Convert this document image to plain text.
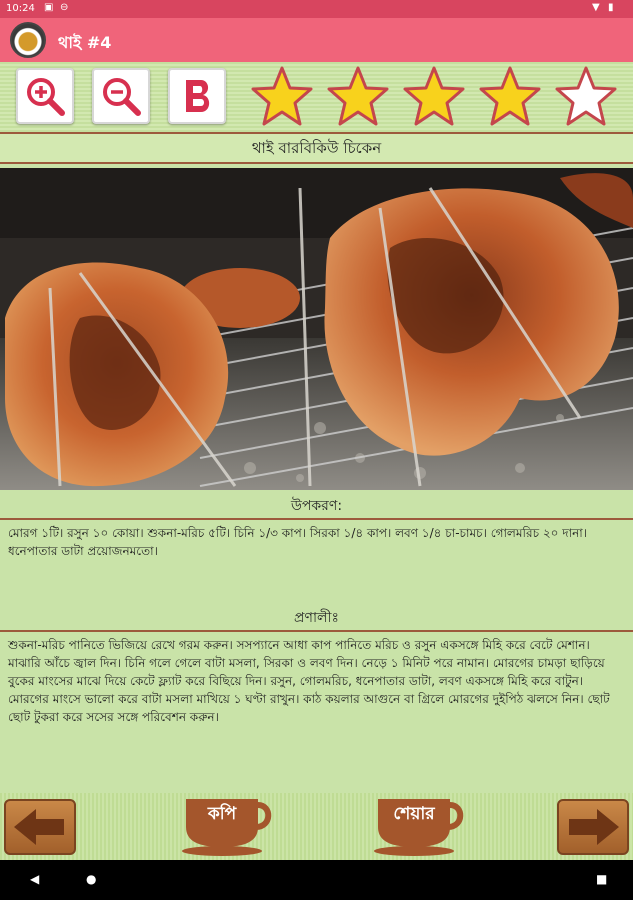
10:24 ▣ ⊖	▼ ▮
থাই #4
থাই বারবিকিউ চিকেন
উপকরণ:
মোরগ ১টি। রসুন ১০ কোয়া। শুকনা-মরিচ ৫টি। চিনি ১/৩ কাপ। সিরকা ১/৪ কাপ। লবণ ১/৪ চা-চামচ। গোলমরিচ ২০ দানা। ধনেপাতার ডাটা প্রয়োজনমতো।
প্রণালীঃ
শুকনা-মরিচ পানিতে ভিজিয়ে রেখে গরম করুন। সসপ্যানে আধা কাপ পানিতে মরিচ ও রসুন একসঙ্গে মিহি করে বেটে মেশান। মাঝারি আঁচে জ্বাল দিন। চিনি গলে গেলে বাটা মসলা, সিরকা ও লবণ দিন। নেড়ে ১ মিনিট পরে নামান। মোরগের চামড়া ছাড়িয়ে বুকের মাংসের মাঝে দিয়ে কেটে ফ্ল্যাট করে বিছিয়ে দিন। রসুন, গোলমরিচ, ধনেপাতার ডাটা, লবণ একসঙ্গে মিহি করে বাটুন। মোরগের মাংসে ভালো করে বাটা মসলা মাখিয়ে ১ ঘণ্টা রাখুন। কাঠ কয়লার আগুনে বা গ্রিলে মোরগের দুইপিঠ ঝলসে নিন। ছোট ছোট টুকরা করে সসের সঙ্গে পরিবেশন করুন।
কপি	শেয়ার
◀	●	■
